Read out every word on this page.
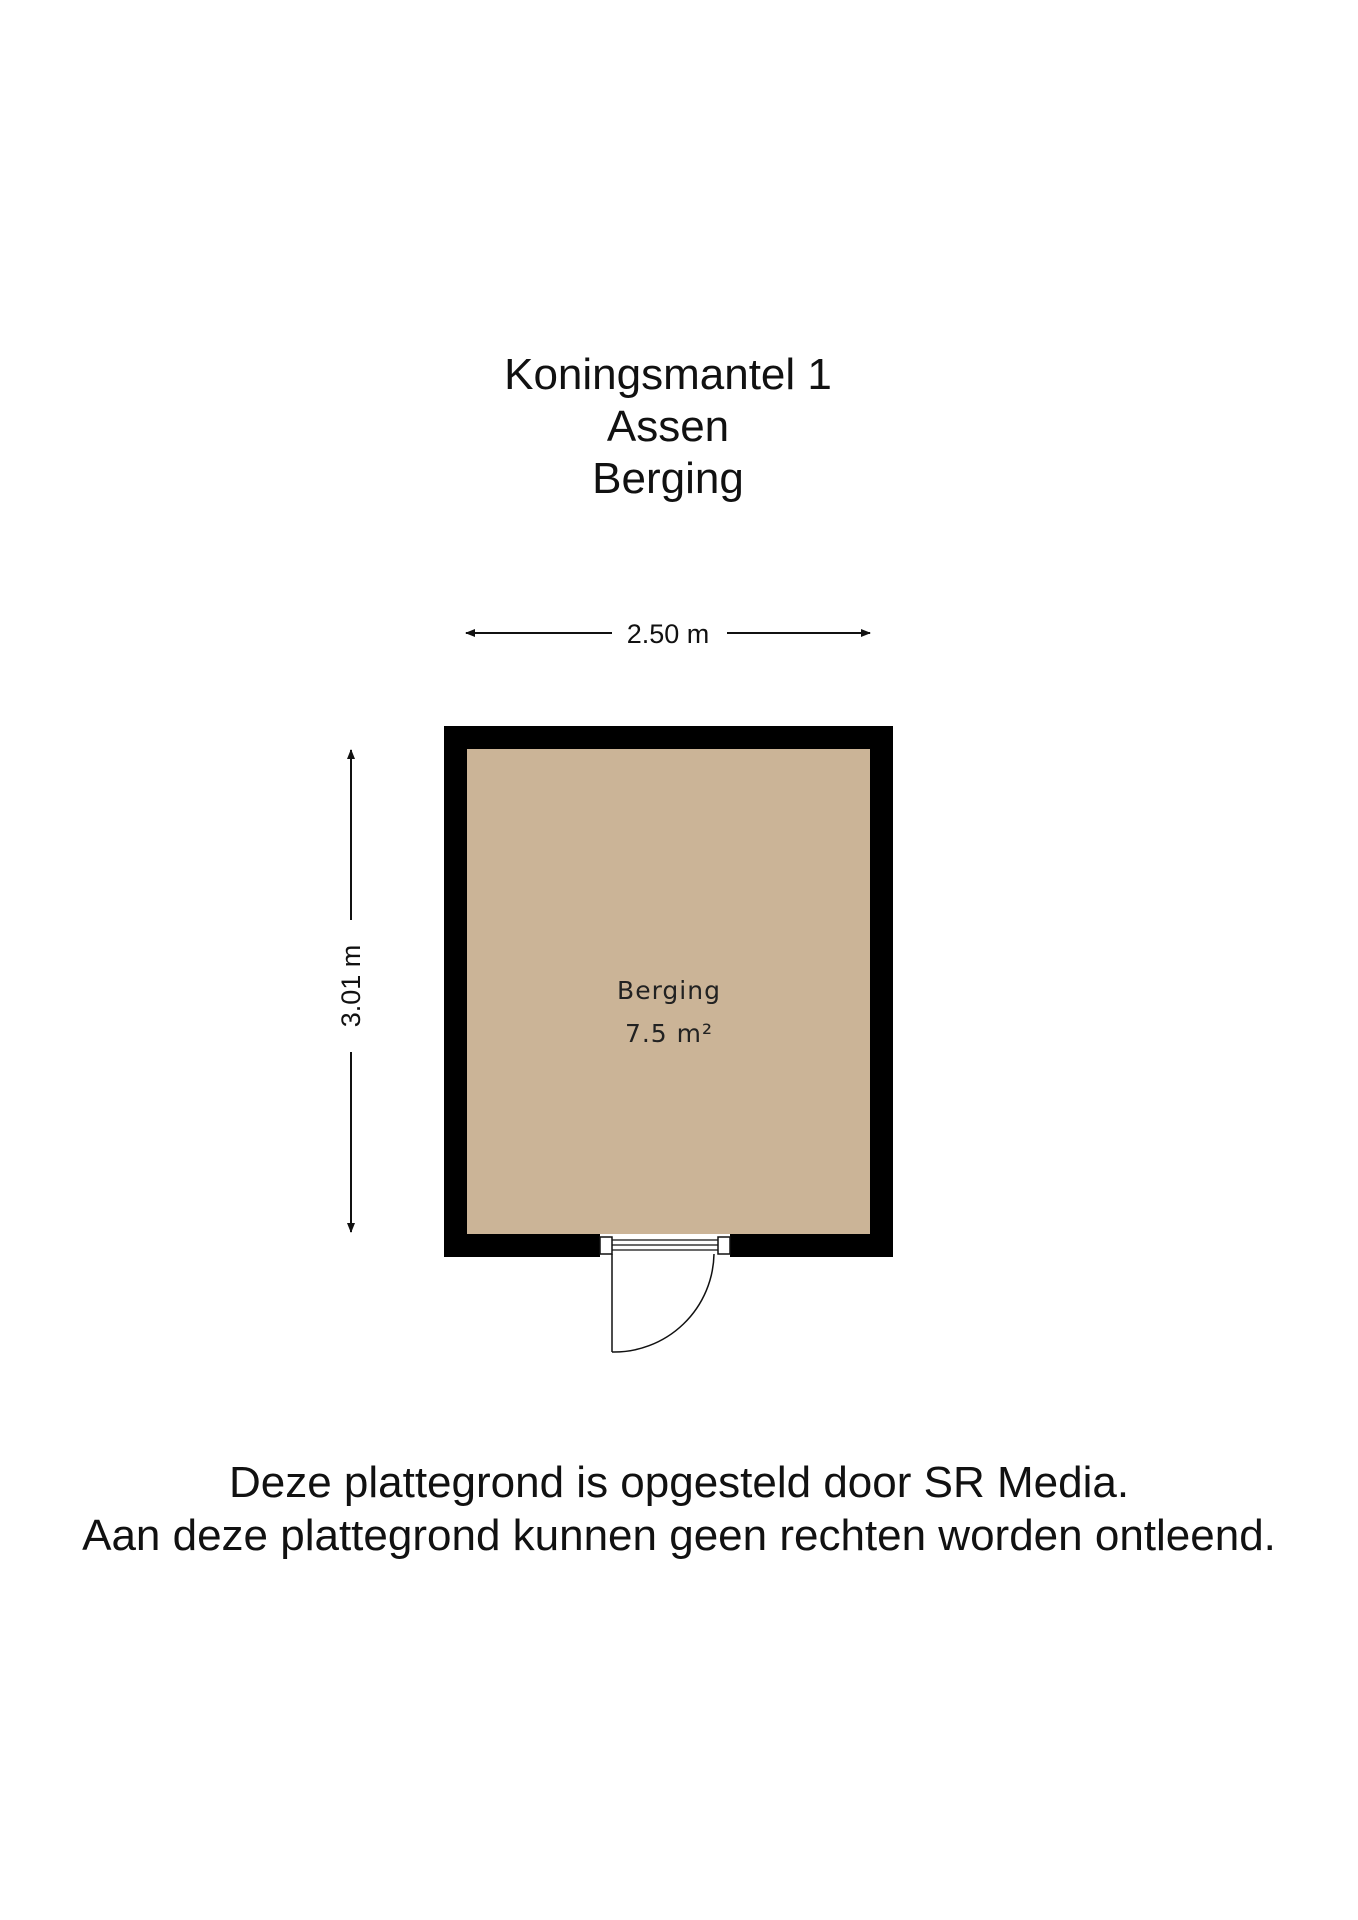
Koningsmantel 1
Assen
Berging
2.50 m
3.01 m	Berging
7.5 m²
Deze plattegrond is opgesteld door SR Media.
Aan deze plattegrond kunnen geen rechten worden ontleend.
